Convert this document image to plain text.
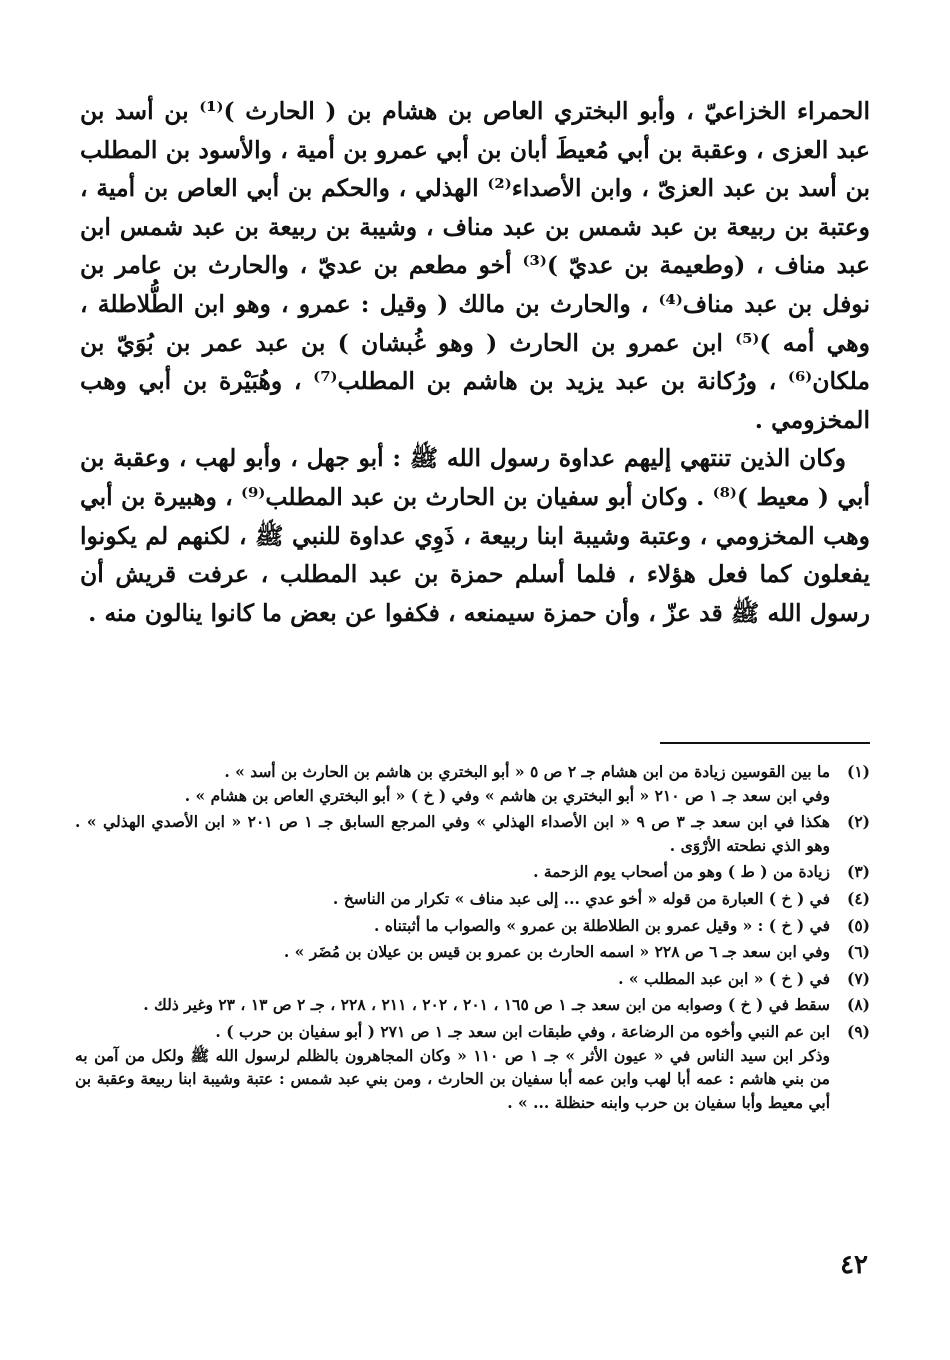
الحمراء الخزاعيّ ، وأبو البختري العاص بن هشام بن ( الحارث )⁽¹⁾ بن أسد بن عبد العزى ، وعقبة بن أبي مُعيطَ أبان بن أبي عمرو بن أمية ، والأسود بن المطلب بن أسد بن عبد العزىّ ، وابن الأصداء⁽²⁾ الهذلي ، والحكم بن أبي العاص بن أمية ، وعتبة بن ربيعة بن عبد شمس بن عبد مناف ، وشيبة بن ربيعة بن عبد شمس ابن عبد مناف ، (وطعيمة بن عديّ )⁽³⁾ أخو مطعم بن عديّ ، والحارث بن عامر بن نوفل بن عبد مناف⁽⁴⁾ ، والحارث بن مالك ( وقيل : عمرو ، وهو ابن الطُّلاطلة ، وهي أمه )⁽⁵⁾ ابن عمرو بن الحارث ( وهو غُبشان ) بن عبد عمر بن بُوَيّ بن ملكان⁽⁶⁾ ، ورُكانة بن عبد يزيد بن هاشم بن المطلب⁽⁷⁾ ، وهُبَيْرة بن أبي وهب المخزومي .

وكان الذين تنتهي إليهم عداوة رسول الله ﷺ : أبو جهل ، وأبو لهب ، وعقبة بن أبي ( معيط )⁽⁸⁾ . وكان أبو سفيان بن الحارث بن عبد المطلب⁽⁹⁾ ، وهبيرة بن أبي وهب المخزومي ، وعتبة وشيبة ابنا ربيعة ، ذَوِي عداوة للنبي ﷺ ، لكنهم لم يكونوا يفعلون كما فعل هؤلاء ، فلما أسلم حمزة بن عبد المطلب ، عرفت قريش أن رسول الله ﷺ قد عزّ ، وأن حمزة سيمنعه ، فكفوا عن بعض ما كانوا ينالون منه .

(١)
ما بين القوسين زيادة من ابن هشام جـ ٢ ص ٥ « أبو البختري بن هاشم بن الحارث بن أسد » .
وفي ابن سعد جـ ١ ص ٢١٠ « أبو البختري بن هاشم » وفي ( خ ) « أبو البختري العاص بن هشام » .
(٢)
هكذا في ابن سعد جـ ٣ ص ٩ « ابن الأصداء الهذلي » وفي المرجع السابق جـ ١ ص ٢٠١ « ابن الأصدي الهذلي » . وهو الذي نطحته الأرْوَى .
(٣)
زيادة من ( ط ) وهو من أصحاب يوم الزحمة .
(٤)
في ( خ ) العبارة من قوله « أخو عدي ... إلى عبد مناف » تكرار من الناسخ .
(٥)
في ( خ ) : « وقيل عمرو بن الطلاطلة بن عمرو » والصواب ما أثبتناه .
(٦)
وفي ابن سعد جـ ٦ ص ٢٢٨ « اسمه الحارث بن عمرو بن قيس بن عيلان بن مُضَر » .
(٧)
في ( خ ) « ابن عبد المطلب » .
(٨)
سقط في ( خ ) وصوابه من ابن سعد جـ ١ ص ١٦٥ ، ٢٠١ ، ٢٠٢ ، ٢١١ ، ٢٢٨ ، جـ ٢ ص ١٣ ، ٢٣ وغير ذلك .
(٩)
ابن عم النبي وأخوه من الرضاعة ، وفي طبقات ابن سعد جـ ١ ص ٢٧١ ( أبو سفيان بن حرب ) .
وذكر ابن سيد الناس في « عيون الأثر » جـ ١ ص ١١٠ « وكان المجاهرون بالظلم لرسول الله ﷺ ولكل من آمن به من بني هاشم : عمه أبا لهب وابن عمه أبا سفيان بن الحارث ، ومن بني عبد شمس : عتبة وشيبة ابنا ربيعة وعقبة بن أبي معيط وأبا سفيان بن حرب وابنه حنظلة ... » .
٤٢
